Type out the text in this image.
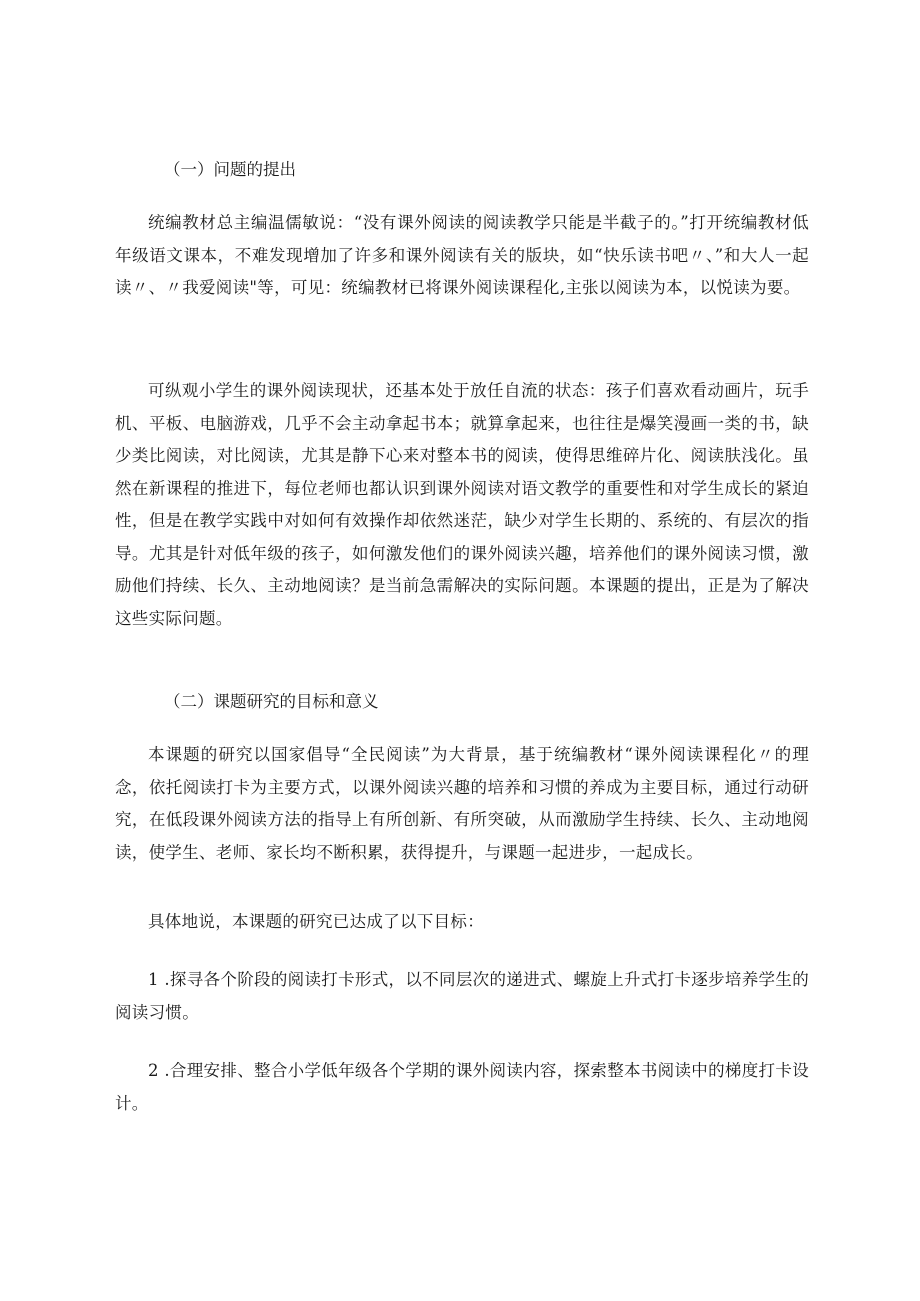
（一）问题的提出

统编教材总主编温儒敏说：“没有课外阅读的阅读教学只能是半截子的。”打开统编教材低年级语文课本，不难发现增加了许多和课外阅读有关的版块，如“快乐读书吧〃、”和大人一起读〃、〃我爱阅读"等，可见：统编教材已将课外阅读课程化,主张以阅读为本，以悦读为要。

可纵观小学生的课外阅读现状，还基本处于放任自流的状态：孩子们喜欢看动画片，玩手机、平板、电脑游戏，几乎不会主动拿起书本；就算拿起来，也往往是爆笑漫画一类的书，缺少类比阅读，对比阅读，尤其是静下心来对整本书的阅读，使得思维碎片化、阅读肤浅化。虽然在新课程的推进下，每位老师也都认识到课外阅读对语文教学的重要性和对学生成长的紧迫性，但是在教学实践中对如何有效操作却依然迷茫，缺少对学生长期的、系统的、有层次的指导。尤其是针对低年级的孩子，如何激发他们的课外阅读兴趣，培养他们的课外阅读习惯，激励他们持续、长久、主动地阅读？是当前急需解决的实际问题。本课题的提出，正是为了解决这些实际问题。

（二）课题研究的目标和意义

本课题的研究以国家倡导“全民阅读”为大背景，基于统编教材“课外阅读课程化〃的理念，依托阅读打卡为主要方式，以课外阅读兴趣的培养和习惯的养成为主要目标，通过行动研究，在低段课外阅读方法的指导上有所创新、有所突破，从而激励学生持续、长久、主动地阅读，使学生、老师、家长均不断积累，获得提升，与课题一起进步，一起成长。

具体地说，本课题的研究已达成了以下目标：

1 .探寻各个阶段的阅读打卡形式，以不同层次的递进式、螺旋上升式打卡逐步培养学生的阅读习惯。

2 .合理安排、整合小学低年级各个学期的课外阅读内容，探索整本书阅读中的梯度打卡设计。
